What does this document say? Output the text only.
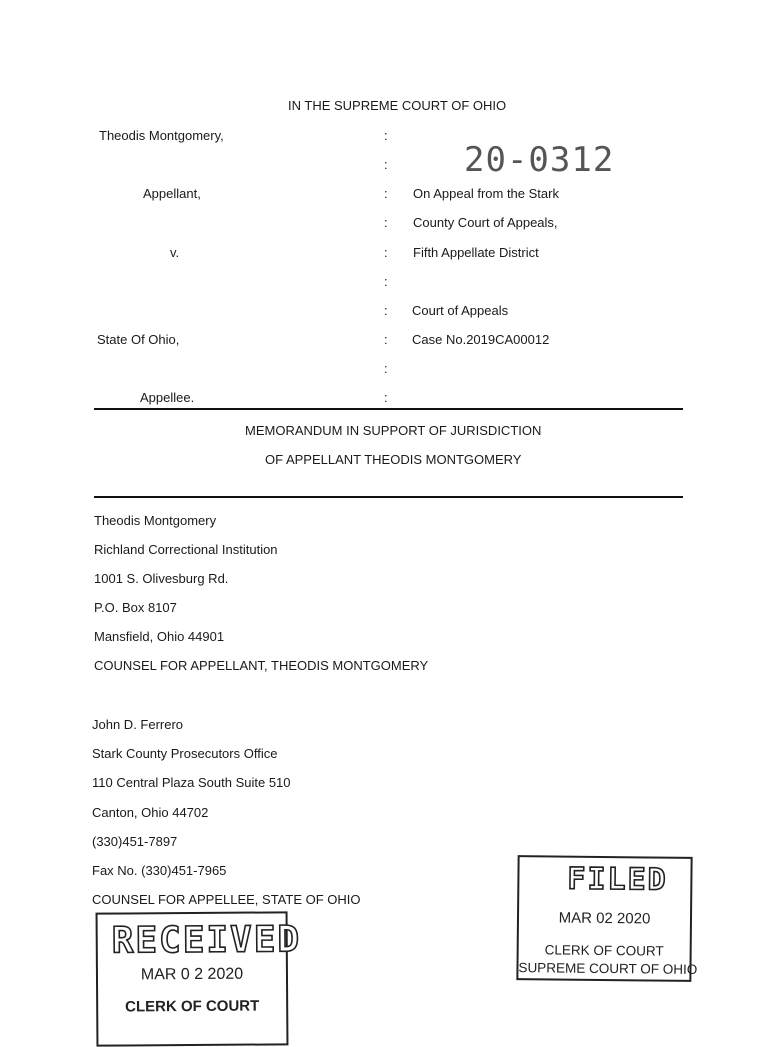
IN THE SUPREME COURT OF OHIO
Theodis Montgomery,
Appellant,
v.
State Of Ohio,
Appellee.
:
:
:
:
:
:
:
:
:
:
20-0312
On Appeal from the Stark
County Court of Appeals,
Fifth Appellate District
Court of Appeals
Case No.2019CA00012
MEMORANDUM IN SUPPORT OF JURISDICTION
OF APPELLANT THEODIS MONTGOMERY
Theodis Montgomery
Richland Correctional Institution
1001 S. Olivesburg Rd.
P.O. Box 8107
Mansfield, Ohio 44901
COUNSEL FOR APPELLANT, THEODIS MONTGOMERY
John D. Ferrero
Stark County Prosecutors Office
110 Central Plaza South Suite 510
Canton, Ohio 44702
(330)451-7897
Fax No. (330)451-7965
COUNSEL FOR APPELLEE, STATE OF OHIO
FILED
MAR 02 2020
CLERK OF COURT
SUPREME COURT OF OHIO
RECEIVED
MAR 0 2 2020
CLERK OF COURT
